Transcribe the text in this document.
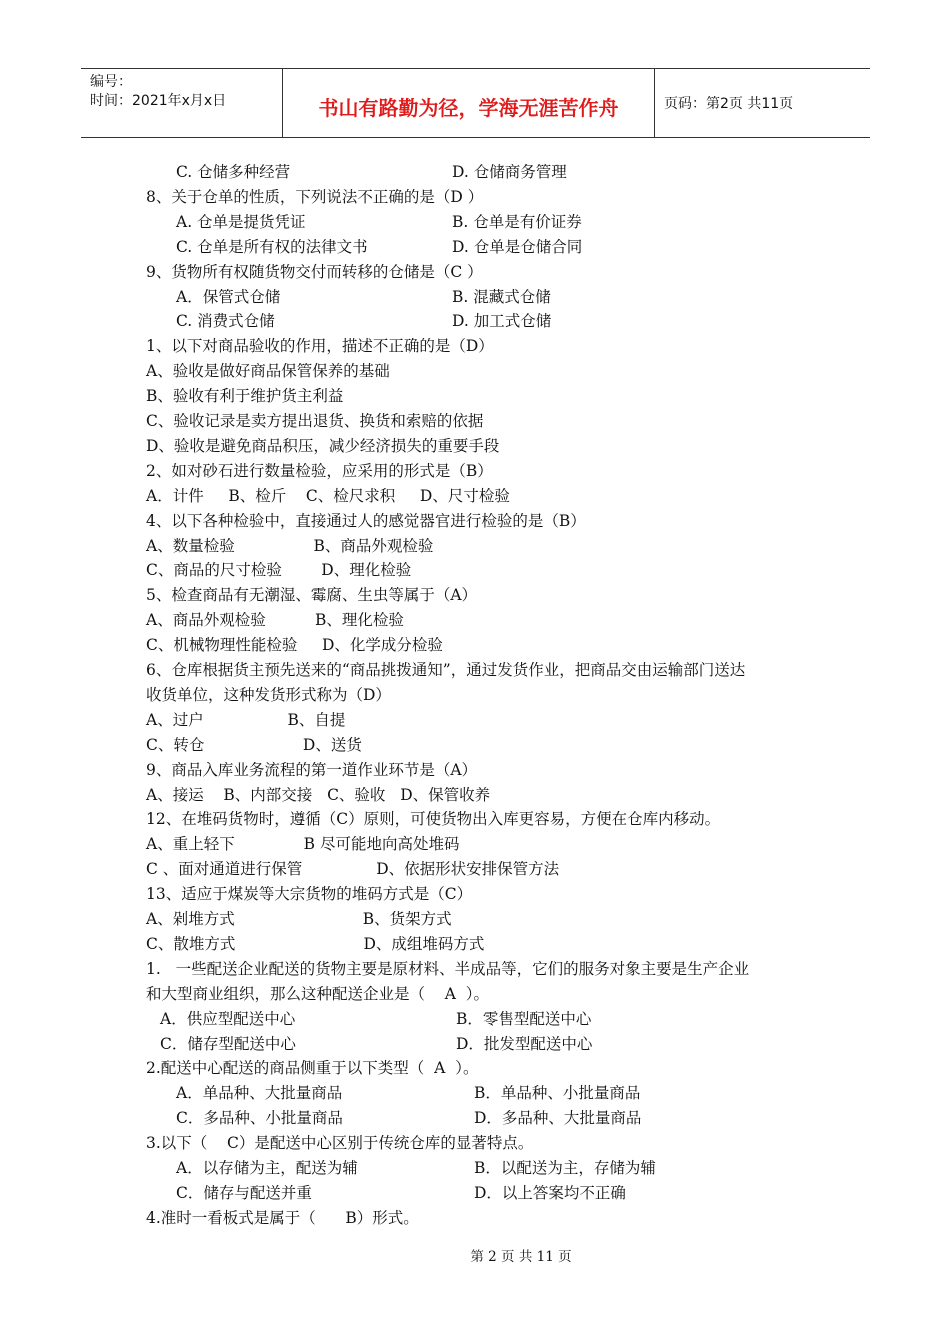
编号：
时间：2021年x月x日	书山有路勤为径，学海无涯苦作舟	页码：第2页 共11页
C. 仓储多种经营	D. 仓储商务管理
8、关于仓单的性质，下列说法不正确的是（D ）
A. 仓单是提货凭证	B. 仓单是有价证券
C. 仓单是所有权的法律文书	D. 仓单是仓储合同
9、货物所有权随货物交付而转移的仓储是（C ）
A．保管式仓储	B. 混藏式仓储
C. 消费式仓储	D. 加工式仓储
1、以下对商品验收的作用，描述不正确的是（D）
A、验收是做好商品保管保养的基础
B、验收有利于维护货主利益
C、验收记录是卖方提出退货、换货和索赔的依据
D、验收是避免商品积压，减少经济损失的重要手段
2、如对砂石进行数量检验，应采用的形式是（B）
A．计件     B、检斤    C、检尺求积     D、尺寸检验
4、以下各种检验中，直接通过人的感觉器官进行检验的是（B）
A、数量检验                B、商品外观检验
C、商品的尺寸检验        D、理化检验
5、检查商品有无潮湿、霉腐、生虫等属于（A）
A、商品外观检验          B、理化检验
C、机械物理性能检验     D、化学成分检验
6、仓库根据货主预先送来的“商品挑拨通知”，通过发货作业，把商品交由运输部门送达
收货单位，这种发货形式称为（D）
A、过户                 B、自提
C、转仓                    D、送货
9、商品入库业务流程的第一道作业环节是（A）
A、接运    B、内部交接   C、验收   D、保管收养
12、在堆码货物时，遵循（C）原则，可使货物出入库更容易，方便在仓库内移动。
A、重上轻下              B 尽可能地向高处堆码
C 、面对通道进行保管               D、依据形状安排保管方法
13、适应于煤炭等大宗货物的堆码方式是（C）
A、剁堆方式                          B、货架方式
C、散堆方式                          D、成组堆码方式
1.   一些配送企业配送的货物主要是原材料、半成品等，它们的服务对象主要是生产企业
和大型商业组织，那么这种配送企业是（    A  ）。
A．供应型配送中心	B．零售型配送中心
C．储存型配送中心	D．批发型配送中心
2.配送中心配送的商品侧重于以下类型（  A  ）。
A．单品种、大批量商品	B．单品种、小批量商品
C．多品种、小批量商品	D．多品种、大批量商品
3.以下（    C）是配送中心区别于传统仓库的显著特点。
A．以存储为主，配送为辅	B．以配送为主，存储为辅
C．储存与配送并重	D．以上答案均不正确
4.准时一看板式是属于（      B）形式。
第 2 页 共 11 页
